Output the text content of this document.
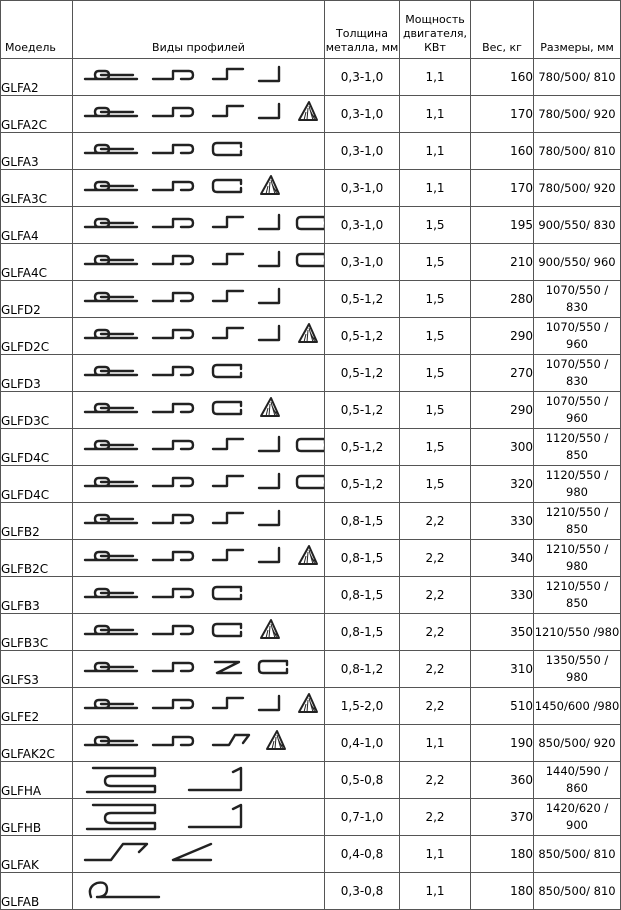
Моедель	Виды профилей	Толщина металла, мм	Мощность двигателя, КВт	Вес, кг	Размеры, мм
GLFA2		0,3-1,0	1,1	160	780/500/ 810
GLFA2C		0,3-1,0	1,1	170	780/500/ 920
GLFA3		0,3-1,0	1,1	160	780/500/ 810
GLFA3C		0,3-1,0	1,1	170	780/500/ 920
GLFA4		0,3-1,0	1,5	195	900/550/ 830
GLFA4C		0,3-1,0	1,5	210	900/550/ 960
GLFD2		0,5-1,2	1,5	280	1070/550 / 830
GLFD2C		0,5-1,2	1,5	290	1070/550 / 960
GLFD3		0,5-1,2	1,5	270	1070/550 / 830
GLFD3C		0,5-1,2	1,5	290	1070/550 / 960
GLFD4C		0,5-1,2	1,5	300	1120/550 / 850
GLFD4C		0,5-1,2	1,5	320	1120/550 / 980
GLFB2		0,8-1,5	2,2	330	1210/550 / 850
GLFB2C		0,8-1,5	2,2	340	1210/550 / 980
GLFB3		0,8-1,5	2,2	330	1210/550 / 850
GLFB3C		0,8-1,5	2,2	350	1210/550 /980
GLFS3		0,8-1,2	2,2	310	1350/550 / 980
GLFE2		1,5-2,0	2,2	510	1450/600 /980
GLFAK2C		0,4-1,0	1,1	190	850/500/ 920
GLFHA		0,5-0,8	2,2	360	1440/590 / 860
GLFHB		0,7-1,0	2,2	370	1420/620 / 900
GLFAK		0,4-0,8	1,1	180	850/500/ 810
GLFAB		0,3-0,8	1,1	180	850/500/ 810
